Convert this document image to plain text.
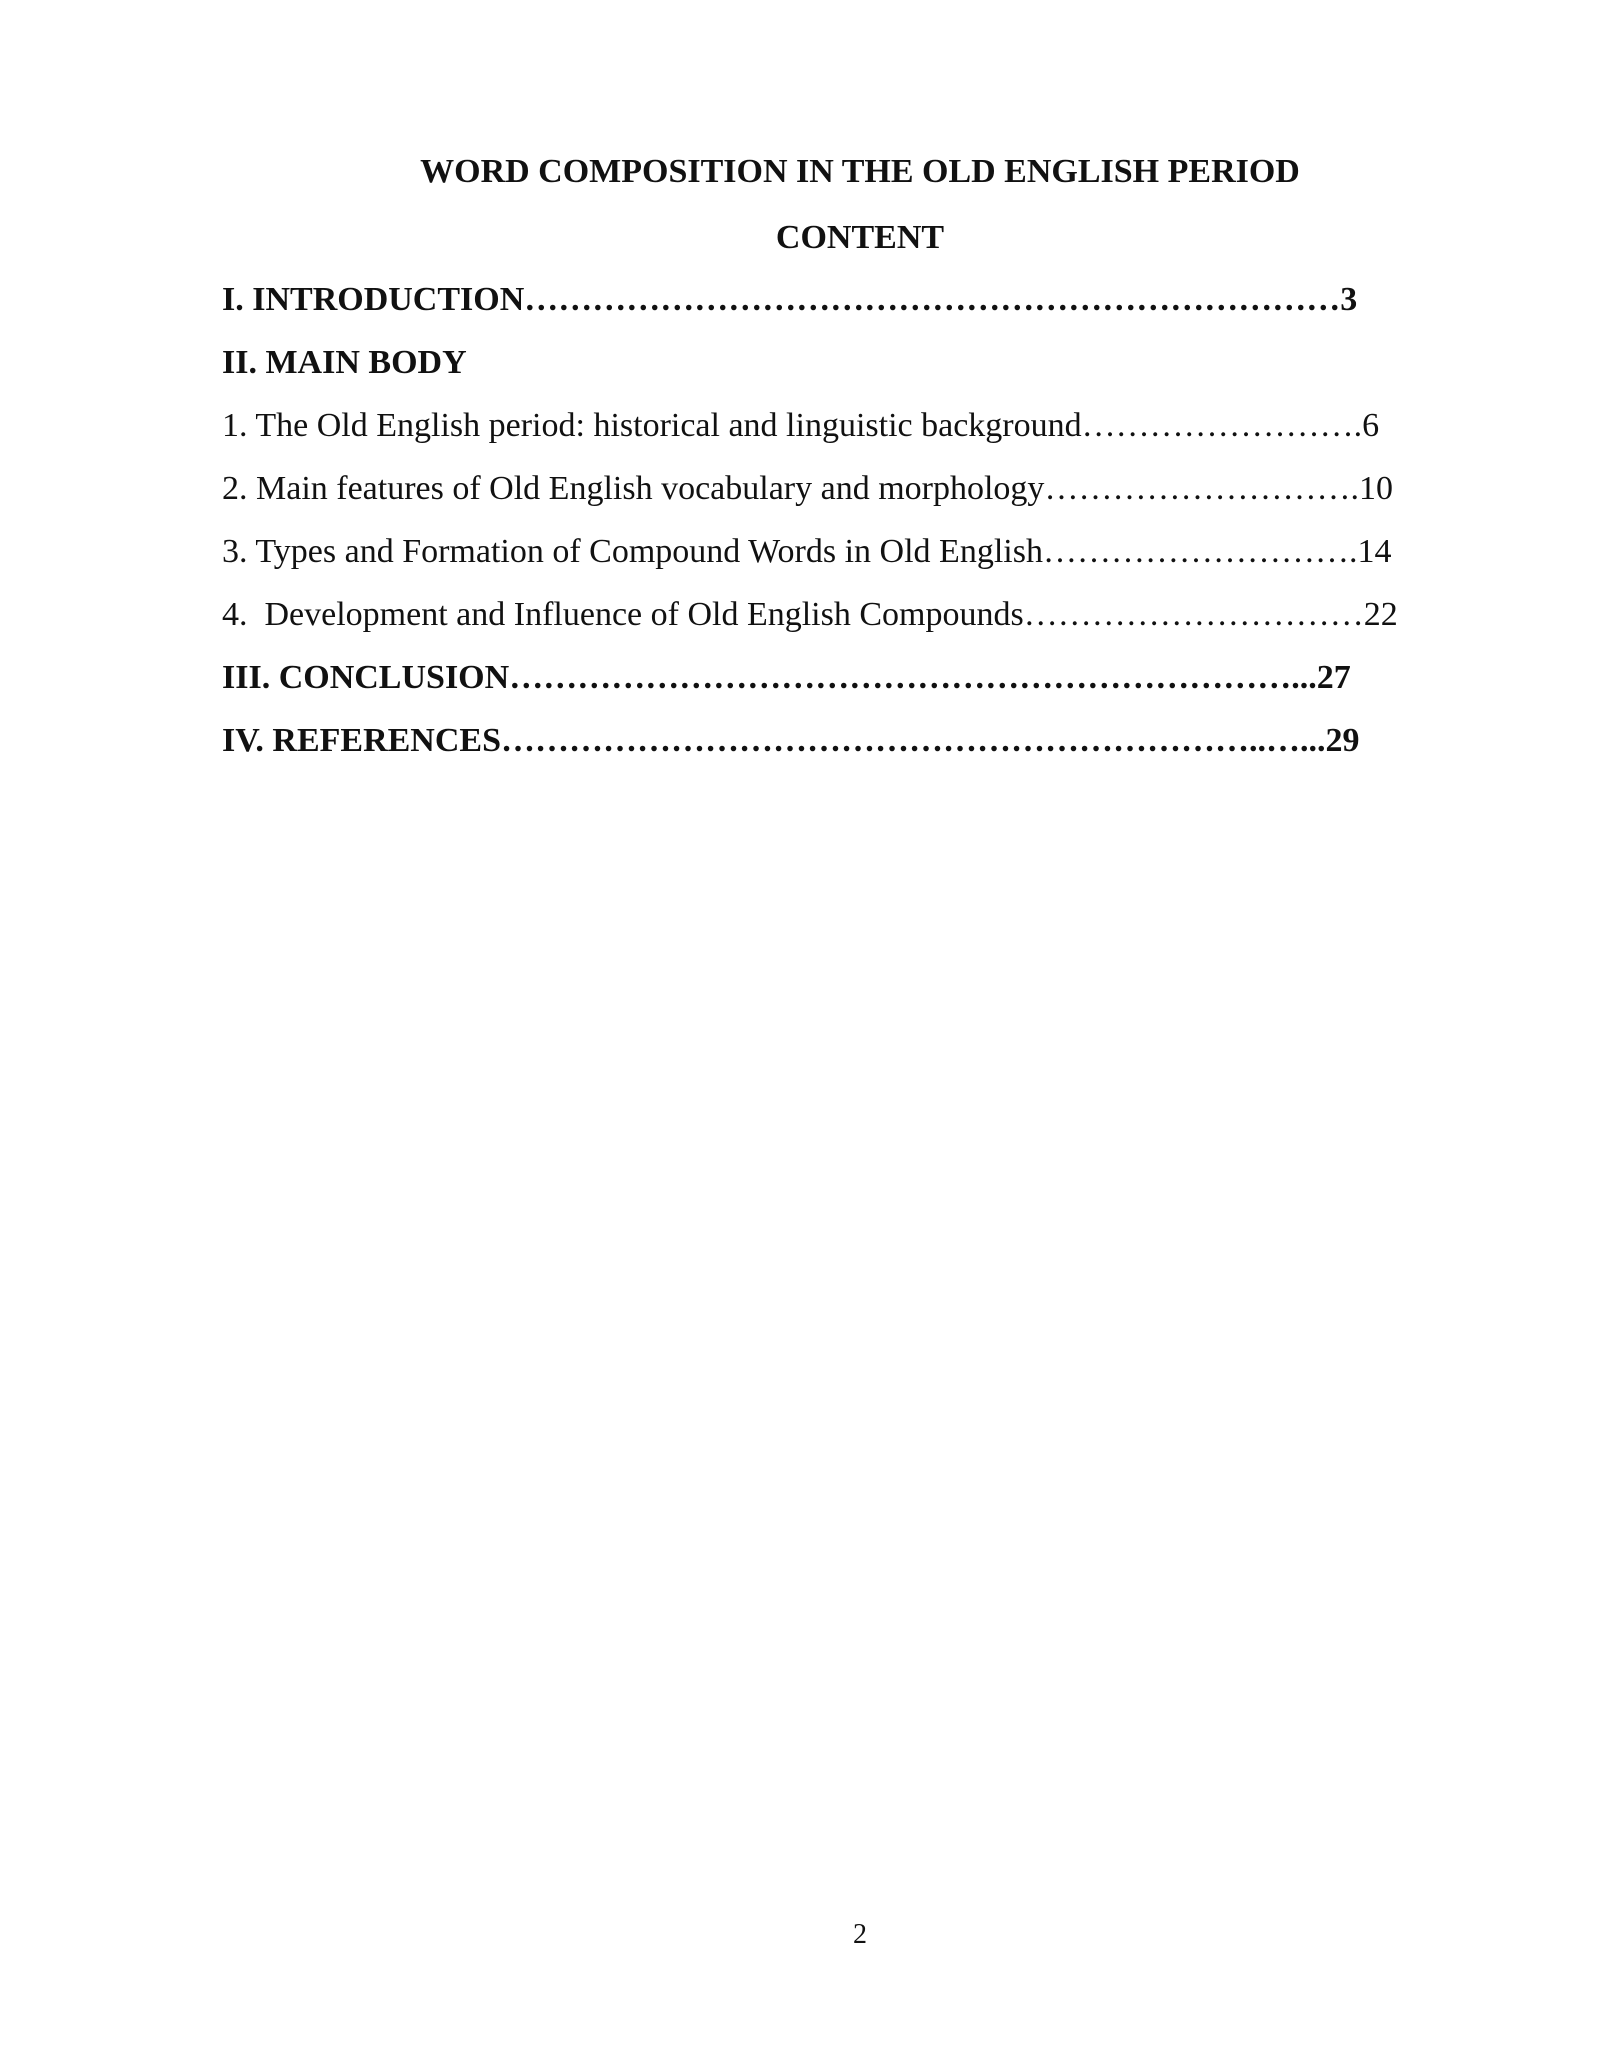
WORD COMPOSITION IN THE OLD ENGLISH PERIOD
CONTENT
I. INTRODUCTION………………………………………………………………3
II. MAIN BODY
1. The Old English period: historical and linguistic background…………………….6
2. Main features of Old English vocabulary and morphology……………………….10
3. Types and Formation of Compound Words in Old English……………………….14
4.  Development and Influence of Old English Compounds…………………………22
III. CONCLUSION……………………………………………………………...27
IV. REFERENCES…………………………………………………………..…...29
2
